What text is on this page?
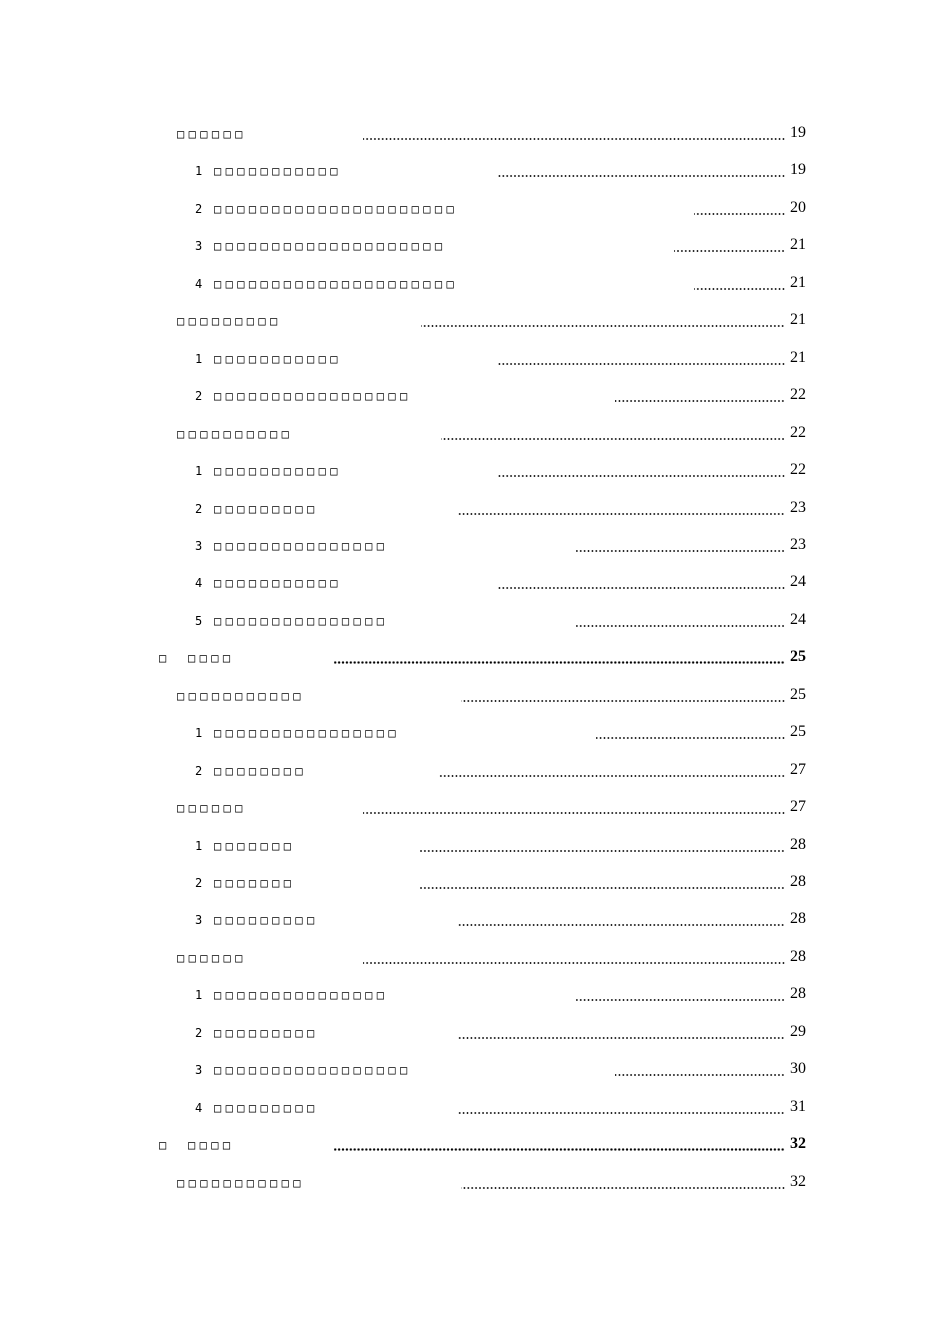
□□□□□□	19
1 □□□□□□□□□□□	19
2 □□□□□□□□□□□□□□□□□□□□□	20
3 □□□□□□□□□□□□□□□□□□□□	21
4 □□□□□□□□□□□□□□□□□□□□□	21
□□□□□□□□□	21
1 □□□□□□□□□□□	21
2 □□□□□□□□□□□□□□□□□	22
□□□□□□□□□□	22
1 □□□□□□□□□□□	22
2 □□□□□□□□□	23
3 □□□□□□□□□□□□□□□	23
4 □□□□□□□□□□□	24
5 □□□□□□□□□□□□□□□	24
□ □□□□	25
□□□□□□□□□□□	25
1 □□□□□□□□□□□□□□□□	25
2 □□□□□□□□	27
□□□□□□	27
1 □□□□□□□	28
2 □□□□□□□	28
3 □□□□□□□□□	28
□□□□□□	28
1 □□□□□□□□□□□□□□□	28
2 □□□□□□□□□	29
3 □□□□□□□□□□□□□□□□□	30
4 □□□□□□□□□	31
□ □□□□	32
□□□□□□□□□□□	32
